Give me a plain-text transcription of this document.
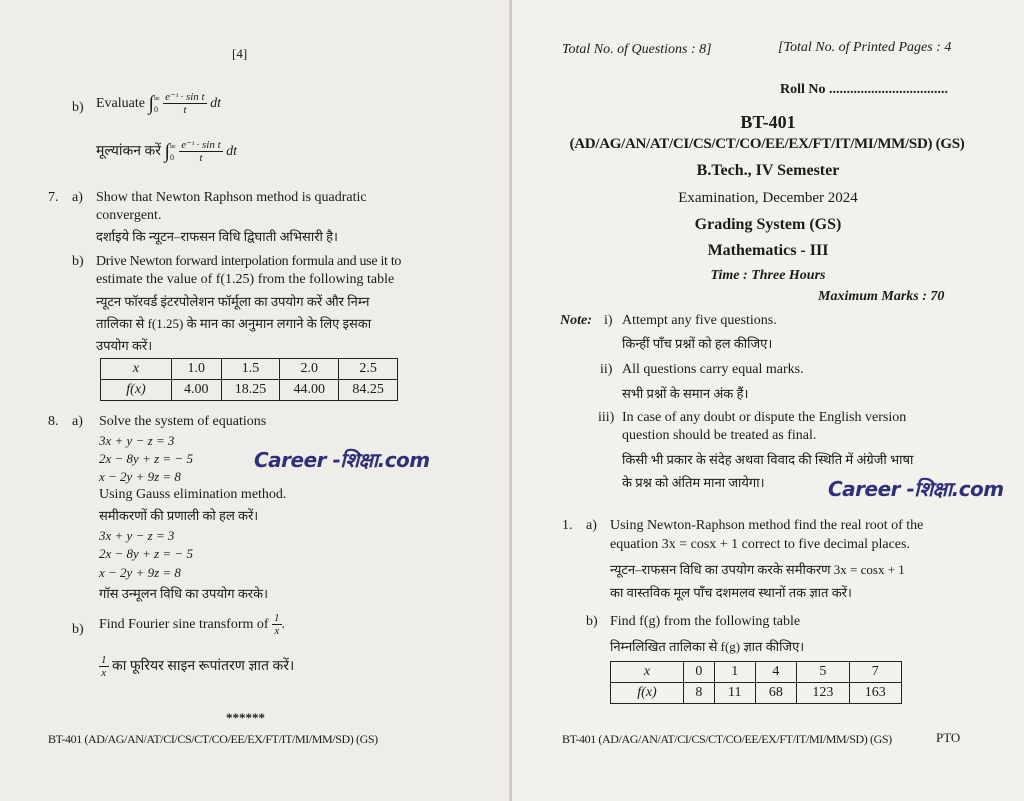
[4]
b) Evaluate ∫ ∞
0
$\frac{\text{e⁻ᵗ · sin t}}{t}$ dt
मूल्यांकन करें ∫ ∞
0
$\frac{\text{e⁻ᵗ · sin t}}{t}$ dt
7. a) Show that Newton Raphson method is quadratic
convergent.
दर्शाइये कि न्यूटन–राफसन विधि द्विघाती अभिसारी है।
b) Drive Newton forward interpolation formula and use it to
estimate the value of f(1.25) from the following table
न्यूटन फॉरवर्ड इंटरपोलेशन फॉर्मूला का उपयोग करें और निम्न
तालिका से f(1.25) के मान का अनुमान लगाने के लिए इसका
उपयोग करें।
x	1.0	1.5	2.0	2.5
f(x)	4.00	18.25	44.00	84.25
8. a) Solve the system of equations
3x + y − z = 3
2x − 8y + z = − 5
x − 2y + 9z = 8
Career -शिक्षा.com
Using Gauss elimination method.
समीकरणों की प्रणाली को हल करें।
3x + y − z = 3
2x − 8y + z = − 5
x − 2y + 9z = 8
गॉस उन्मूलन विधि का उपयोग करके।
b) Find Fourier sine transform of $\frac{1}{x}$ .
$\frac{1}{x}$ का फूरियर साइन रूपांतरण ज्ञात करें।
******
BT-401 (AD/AG/AN/AT/CI/CS/CT/CO/EE/EX/FT/IT/MI/MM/SD) (GS)
Total No. of Questions : 8]	[Total No. of Printed Pages : 4
Roll No ..................................
BT-401
(AD/AG/AN/AT/CI/CS/CT/CO/EE/EX/FT/IT/MI/MM/SD) (GS)
B.Tech., IV Semester
Examination, December 2024
Grading System (GS)
Mathematics - III
Time : Three Hours
Maximum Marks : 70
Note: i) Attempt any five questions.
किन्हीं पाँच प्रश्नों को हल कीजिए।
ii) All questions carry equal marks.
सभी प्रश्नों के समान अंक हैं।
iii) In case of any doubt or dispute the English version
question should be treated as final.
किसी भी प्रकार के संदेह अथवा विवाद की स्थिति में अंग्रेजी भाषा
के प्रश्न को अंतिम माना जायेगा।	Career -शिक्षा.com
1. a) Using Newton-Raphson method find the real root of the
equation 3x = cosx + 1 correct to five decimal places.
न्यूटन–राफसन विधि का उपयोग करके समीकरण 3x = cosx + 1
का वास्तविक मूल पाँच दशमलव स्थानों तक ज्ञात करें।
b) Find f(g) from the following table
निम्नलिखित तालिका से f(g) ज्ञात कीजिए।
x	0	1	4	5	7
f(x)	8	11	68	123	163
BT-401 (AD/AG/AN/AT/CI/CS/CT/CO/EE/EX/FT/IT/MI/MM/SD) (GS)	PTO
